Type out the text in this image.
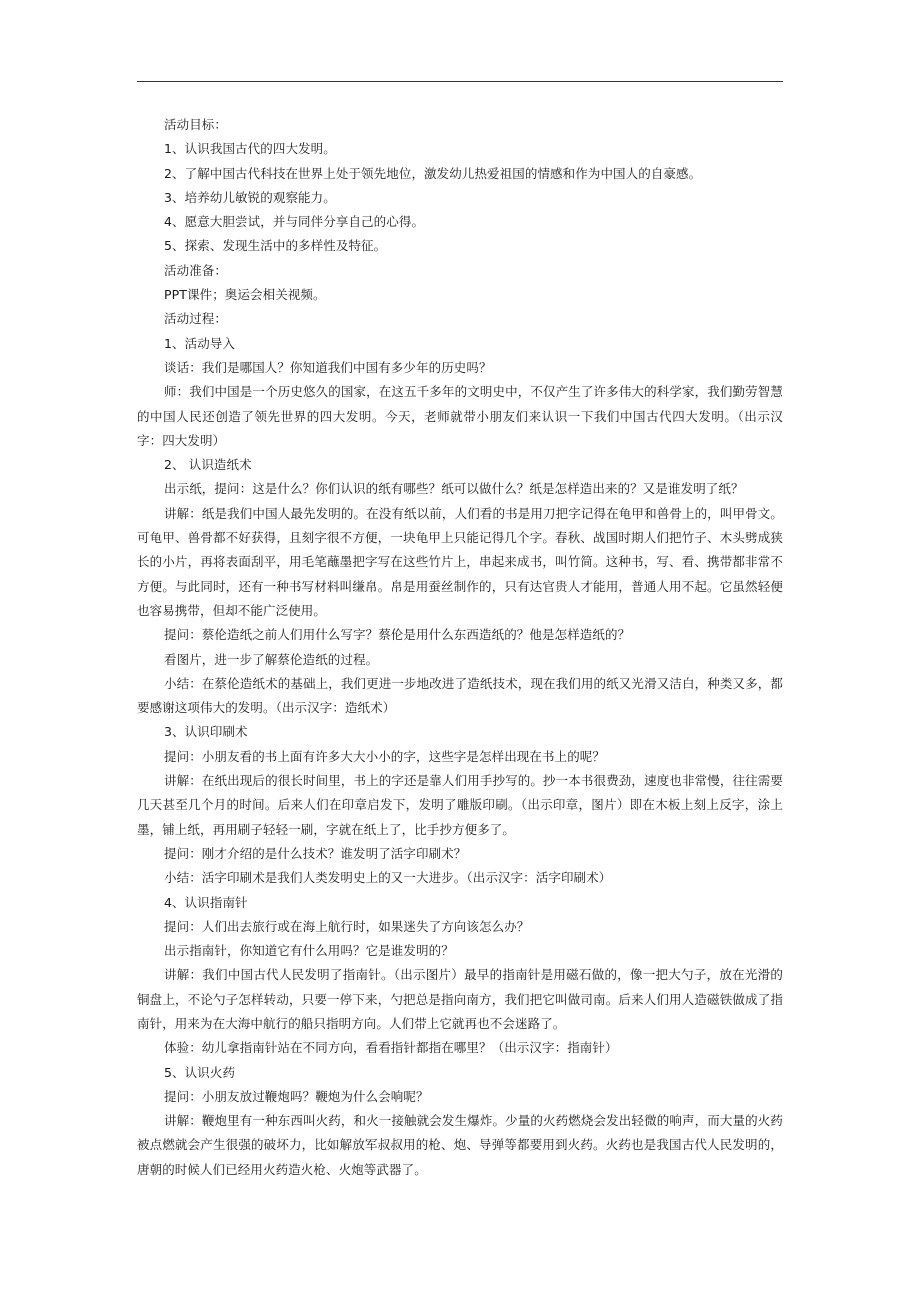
活动目标：
1、认识我国古代的四大发明。
2、了解中国古代科技在世界上处于领先地位，激发幼儿热爱祖国的情感和作为中国人的自豪感。
3、培养幼儿敏锐的观察能力。
4、愿意大胆尝试，并与同伴分享自己的心得。
5、探索、发现生活中的多样性及特征。
活动准备：
PPT课件；奥运会相关视频。
活动过程：
1、活动导入
谈话：我们是哪国人？你知道我们中国有多少年的历史吗？

师：我们中国是一个历史悠久的国家，在这五千多年的文明史中，不仅产生了许多伟大的科学家，我们勤劳智慧的中国人民还创造了领先世界的四大发明。今天，老师就带小朋友们来认识一下我们中国古代四大发明。（出示汉字：四大发明）

2、 认识造纸术

出示纸，提问：这是什么？你们认识的纸有哪些？纸可以做什么？纸是怎样造出来的？又是谁发明了纸？

讲解：纸是我们中国人最先发明的。在没有纸以前，人们看的书是用刀把字记得在龟甲和兽骨上的，叫甲骨文。可龟甲、兽骨都不好获得，且刻字很不方便，一块龟甲上只能记得几个字。春秋、战国时期人们把竹子、木头劈成狭长的小片，再将表面刮平，用毛笔蘸墨把字写在这些竹片上，串起来成书，叫竹简。这种书，写、看、携带都非常不方便。与此同时，还有一种书写材料叫缣帛。帛是用蚕丝制作的，只有达官贵人才能用，普通人用不起。它虽然轻便也容易携带，但却不能广泛使用。

提问：蔡伦造纸之前人们用什么写字？蔡伦是用什么东西造纸的？他是怎样造纸的？

看图片，进一步了解蔡伦造纸的过程。

小结：在蔡伦造纸术的基础上，我们更进一步地改进了造纸技术，现在我们用的纸又光滑又洁白，种类又多，都要感谢这项伟大的发明。（出示汉字：造纸术）

3、认识印刷术

提问：小朋友看的书上面有许多大大小小的字，这些字是怎样出现在书上的呢？

讲解：在纸出现后的很长时间里，书上的字还是靠人们用手抄写的。抄一本书很费劲，速度也非常慢，往往需要几天甚至几个月的时间。后来人们在印章启发下，发明了雕版印刷。（出示印章，图片）即在木板上刻上反字，涂上墨，铺上纸，再用刷子轻轻一刷，字就在纸上了，比手抄方便多了。

提问：刚才介绍的是什么技术？谁发明了活字印刷术？

小结：活字印刷术是我们人类发明史上的又一大进步。（出示汉字：活字印刷术）

4、认识指南针

提问：人们出去旅行或在海上航行时，如果迷失了方向该怎么办？

出示指南针，你知道它有什么用吗？它是谁发明的？

讲解：我们中国古代人民发明了指南针。（出示图片）最早的指南针是用磁石做的，像一把大勺子，放在光滑的铜盘上，不论勺子怎样转动，只要一停下来，勺把总是指向南方，我们把它叫做司南。后来人们用人造磁铁做成了指南针，用来为在大海中航行的船只指明方向。人们带上它就再也不会迷路了。

体验：幼儿拿指南针站在不同方向，看看指针都指在哪里？（出示汉字：指南针）

5、认识火药

提问：小朋友放过鞭炮吗？鞭炮为什么会响呢？

讲解：鞭炮里有一种东西叫火药，和火一接触就会发生爆炸。少量的火药燃烧会发出轻微的响声，而大量的火药被点燃就会产生很强的破坏力，比如解放军叔叔用的枪、炮、导弹等都要用到火药。火药也是我国古代人民发明的，唐朝的时候人们已经用火药造火枪、火炮等武器了。
